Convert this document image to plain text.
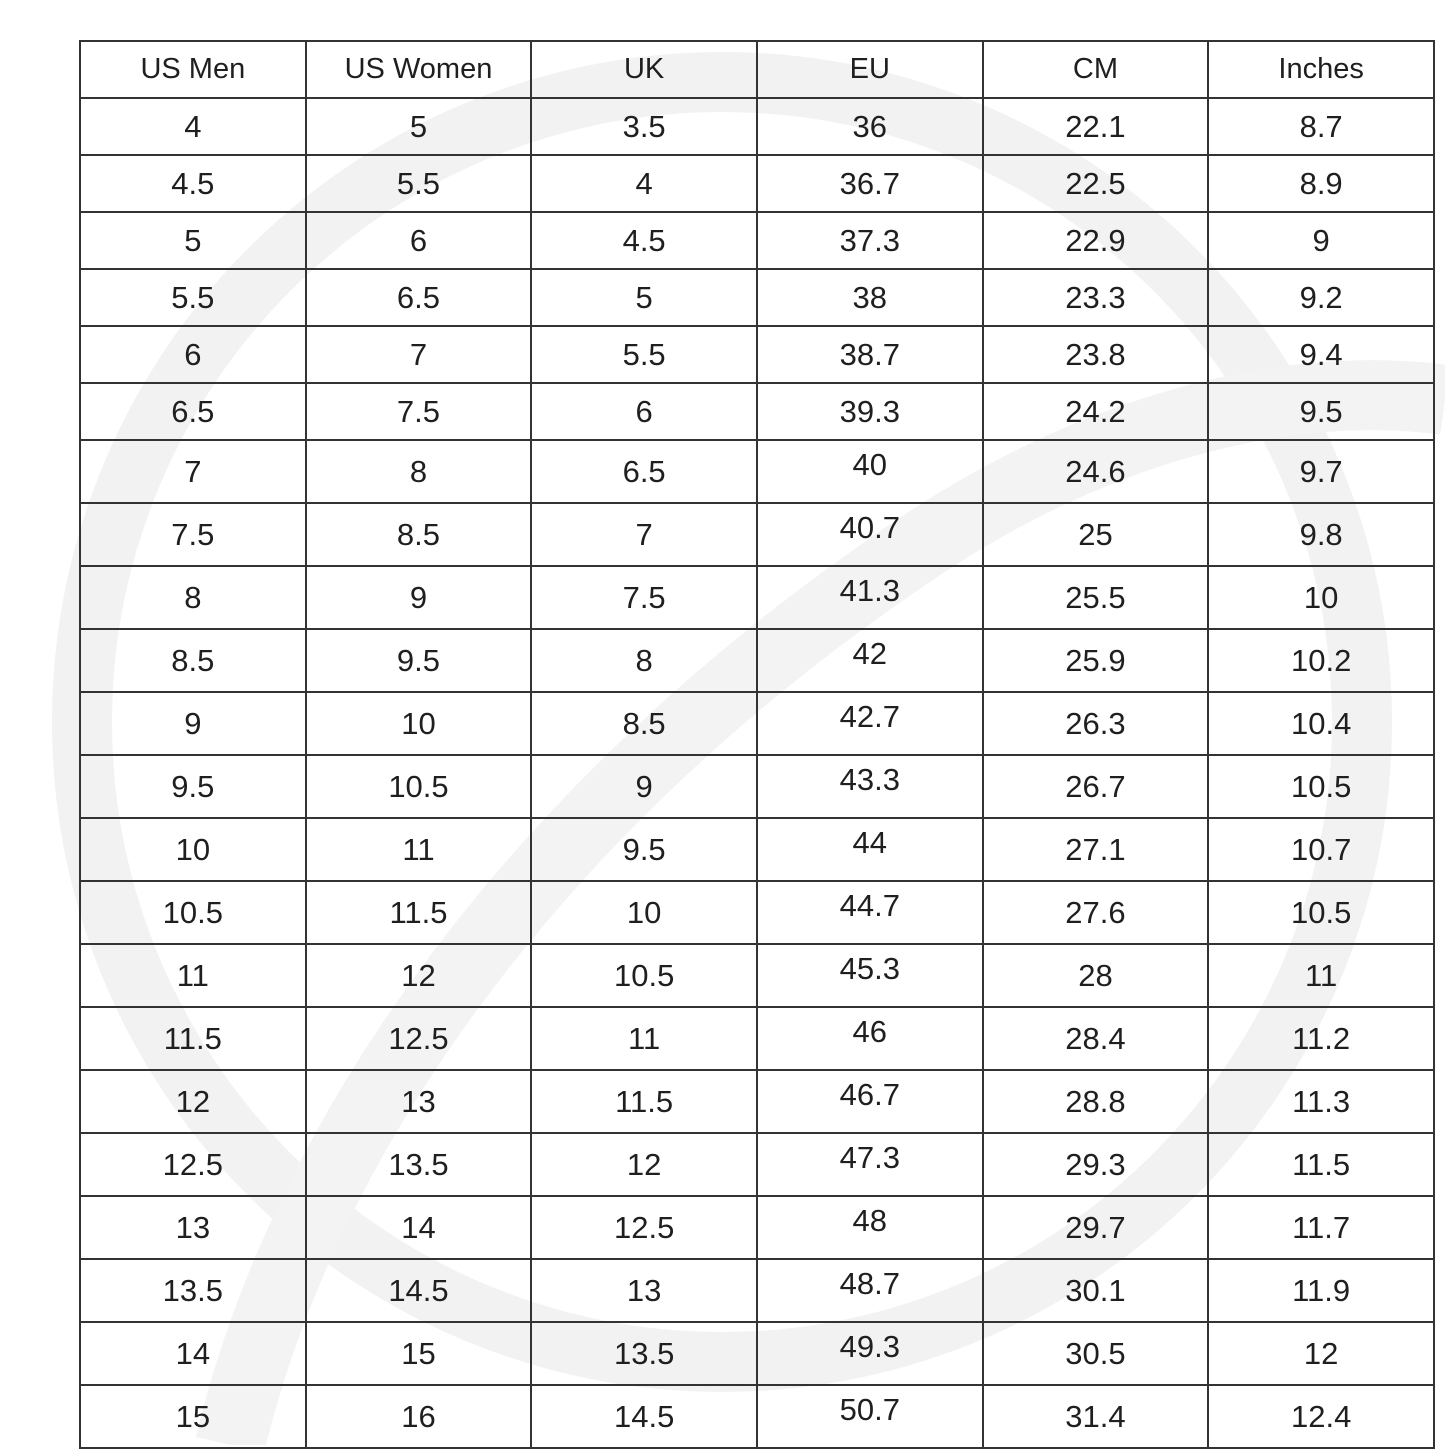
US Men	US Women	UK	EU	CM	Inches
4	5	3.5	36	22.1	8.7
4.5	5.5	4	36.7	22.5	8.9
5	6	4.5	37.3	22.9	9
5.5	6.5	5	38	23.3	9.2
6	7	5.5	38.7	23.8	9.4
6.5	7.5	6	39.3	24.2	9.5
7	8	6.5	40	24.6	9.7
7.5	8.5	7	40.7	25	9.8
8	9	7.5	41.3	25.5	10
8.5	9.5	8	42	25.9	10.2
9	10	8.5	42.7	26.3	10.4
9.5	10.5	9	43.3	26.7	10.5
10	11	9.5	44	27.1	10.7
10.5	11.5	10	44.7	27.6	10.5
11	12	10.5	45.3	28	11
11.5	12.5	11	46	28.4	11.2
12	13	11.5	46.7	28.8	11.3
12.5	13.5	12	47.3	29.3	11.5
13	14	12.5	48	29.7	11.7
13.5	14.5	13	48.7	30.1	11.9
14	15	13.5	49.3	30.5	12
15	16	14.5	50.7	31.4	12.4
